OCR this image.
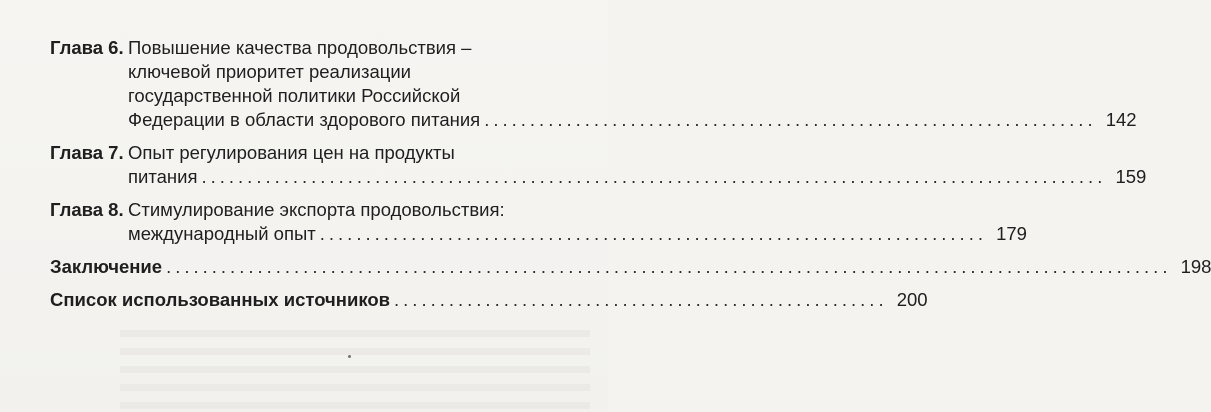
Глава 6. Повышение качества продовольствия –
ключевой приоритет реализации
государственной политики Российской
Федерации в области здорового питания ................................................................... 142
Глава 7. Опыт регулирования цен на продукты
питания ................................................................................................... 159
Глава 8. Стимулирование экспорта продовольствия:
международный опыт ......................................................................... 179
Заключение .............................................................................................................. 198
Список использованных источников ...................................................... 200
